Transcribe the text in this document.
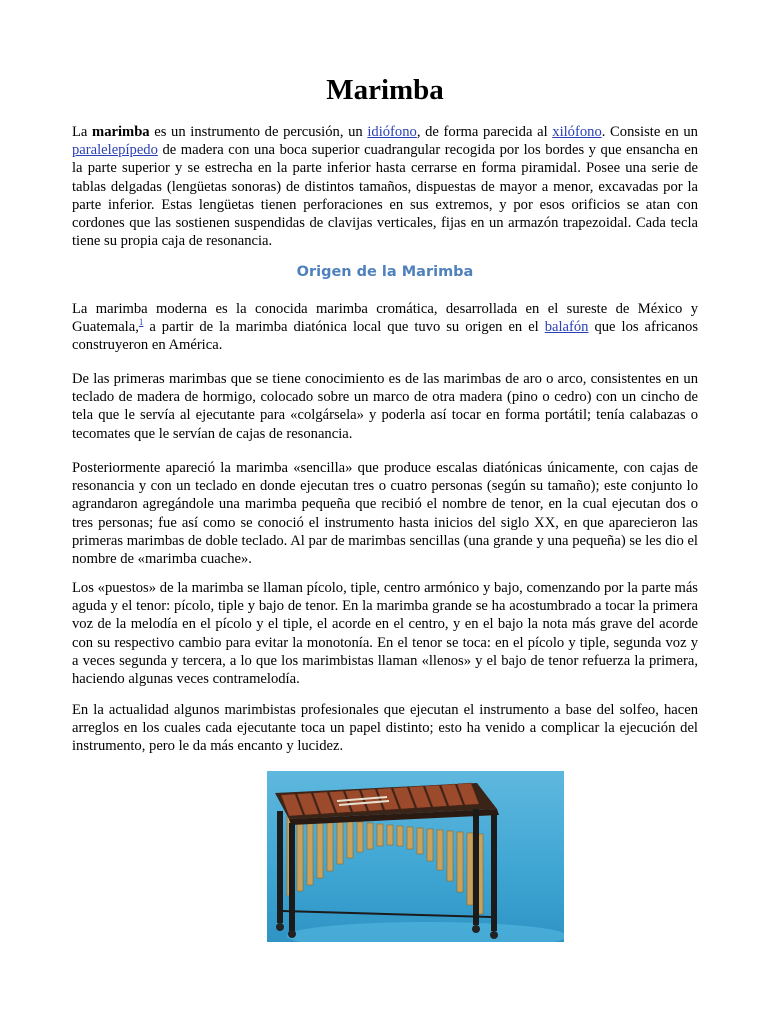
Marimba

La marimba es un instrumento de percusión, un idiófono, de forma parecida al xilófono. Consiste en un paralelepípedo de madera con una boca superior cuadrangular recogida por los bordes y que ensancha en la parte superior y se estrecha en la parte inferior hasta cerrarse en forma piramidal. Posee una serie de tablas delgadas (lengüetas sonoras) de distintos tamaños, dispuestas de mayor a menor, excavadas por la parte inferior. Estas lengüetas tienen perforaciones en sus extremos, y por esos orificios se atan con cordones que las sostienen suspendidas de clavijas verticales, fijas en un armazón trapezoidal. Cada tecla tiene su propia caja de resonancia.

Origen de la Marimba

La marimba moderna es la conocida marimba cromática, desarrollada en el sureste de México y Guatemala,$^1$ a partir de la marimba diatónica local que tuvo su origen en el balafón que los africanos construyeron en América.

De las primeras marimbas que se tiene conocimiento es de las marimbas de aro o arco, consistentes en un teclado de madera de hormigo, colocado sobre un marco de otra madera (pino o cedro) con un cincho de tela que le servía al ejecutante para «colgársela» y poderla así tocar en forma portátil; tenía calabazas o tecomates que le servían de cajas de resonancia.

Posteriormente apareció la marimba «sencilla» que produce escalas diatónicas únicamente, con cajas de resonancia y con un teclado en donde ejecutan tres o cuatro personas (según su tamaño); este conjunto lo agrandaron agregándole una marimba pequeña que recibió el nombre de tenor, en la cual ejecutan dos o tres personas; fue así como se conoció el instrumento hasta inicios del siglo XX, en que aparecieron las primeras marimbas de doble teclado. Al par de marimbas sencillas (una grande y una pequeña) se les dio el nombre de «marimba cuache».

Los «puestos» de la marimba se llaman pícolo, tiple, centro armónico y bajo, comenzando por la parte más aguda y el tenor: pícolo, tiple y bajo de tenor. En la marimba grande se ha acostumbrado a tocar la primera voz de la melodía en el pícolo y el tiple, el acorde en el centro, y en el bajo la nota más grave del acorde con su respectivo cambio para evitar la monotonía. En el tenor se toca: en el pícolo y tiple, segunda voz y a veces segunda y tercera, a lo que los marimbistas llaman «llenos» y el bajo de tenor refuerza la primera, haciendo algunas veces contramelodía.

En la actualidad algunos marimbistas profesionales que ejecutan el instrumento a base del solfeo, hacen arreglos en los cuales cada ejecutante toca un papel distinto; esto ha venido a complicar la ejecución del instrumento, pero le da más encanto y lucidez.
